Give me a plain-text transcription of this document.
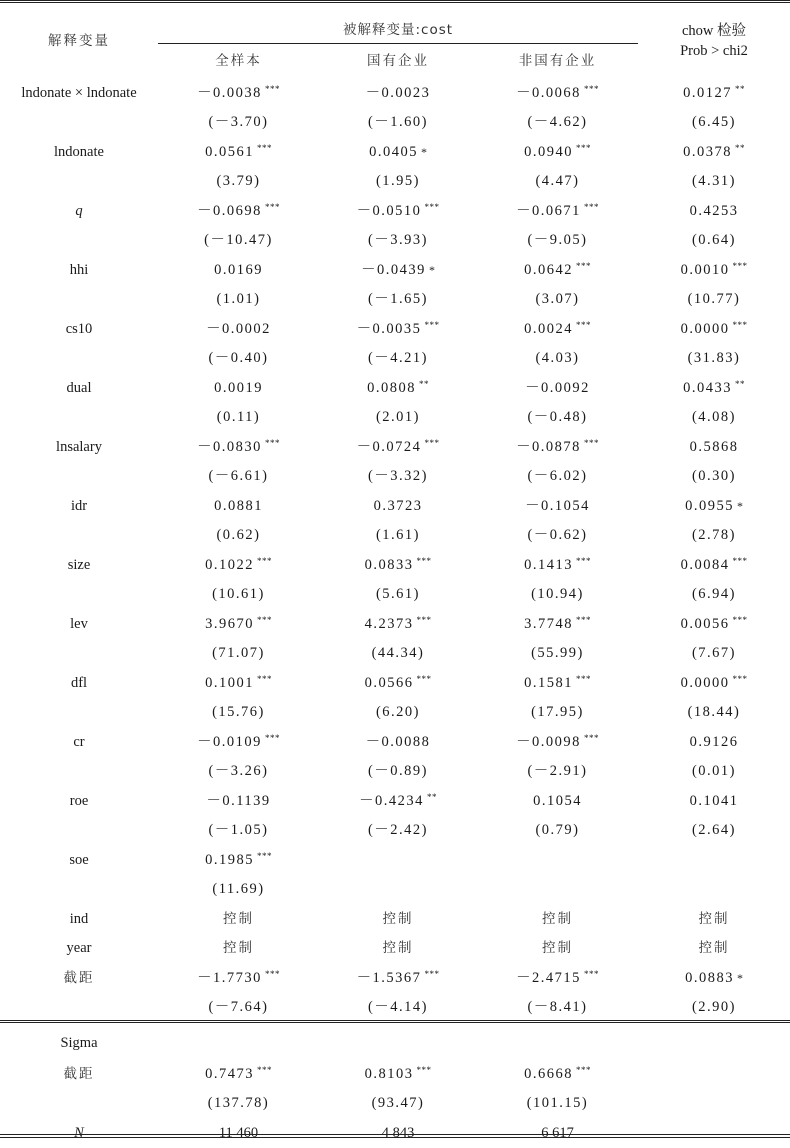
解释变量	被解释变量:cost			chow 检验
Prob > chi2

	全样本	国有企业	非国有企业	
lndonate × lndonate	－0.0038 ***	－0.0023	－0.0068 ***	0.0127 **
	(－3.70)	(－1.60)	(－4.62)	(6.45)
lndonate	0.0561 ***	0.0405 *	0.0940 ***	0.0378 **
	(3.79)	(1.95)	(4.47)	(4.31)
q	－0.0698 ***	－0.0510 ***	－0.0671 ***	0.4253
	(－10.47)	(－3.93)	(－9.05)	(0.64)
hhi	0.0169	－0.0439 *	0.0642 ***	0.0010 ***
	(1.01)	(－1.65)	(3.07)	(10.77)
cs10	－0.0002	－0.0035 ***	0.0024 ***	0.0000 ***
	(－0.40)	(－4.21)	(4.03)	(31.83)
dual	0.0019	0.0808 **	－0.0092	0.0433 **
	(0.11)	(2.01)	(－0.48)	(4.08)
lnsalary	－0.0830 ***	－0.0724 ***	－0.0878 ***	0.5868
	(－6.61)	(－3.32)	(－6.02)	(0.30)
idr	0.0881	0.3723	－0.1054	0.0955 *
	(0.62)	(1.61)	(－0.62)	(2.78)
size	0.1022 ***	0.0833 ***	0.1413 ***	0.0084 ***
	(10.61)	(5.61)	(10.94)	(6.94)
lev	3.9670 ***	4.2373 ***	3.7748 ***	0.0056 ***
	(71.07)	(44.34)	(55.99)	(7.67)
dfl	0.1001 ***	0.0566 ***	0.1581 ***	0.0000 ***
	(15.76)	(6.20)	(17.95)	(18.44)
cr	－0.0109 ***	－0.0088	－0.0098 ***	0.9126
	(－3.26)	(－0.89)	(－2.91)	(0.01)
roe	－0.1139	－0.4234 **	0.1054	0.1041
	(－1.05)	(－2.42)	(0.79)	(2.64)
soe	0.1985 ***			
	(11.69)			
ind	控制	控制	控制	控制
year	控制	控制	控制	控制
截距	－1.7730 ***	－1.5367 ***	－2.4715 ***	0.0883 *
	(－7.64)	(－4.14)	(－8.41)	(2.90)
Sigma				
截距	0.7473 ***	0.8103 ***	0.6668 ***	
	(137.78)	(93.47)	(101.15)	
N	11 460	4 843	6 617	
